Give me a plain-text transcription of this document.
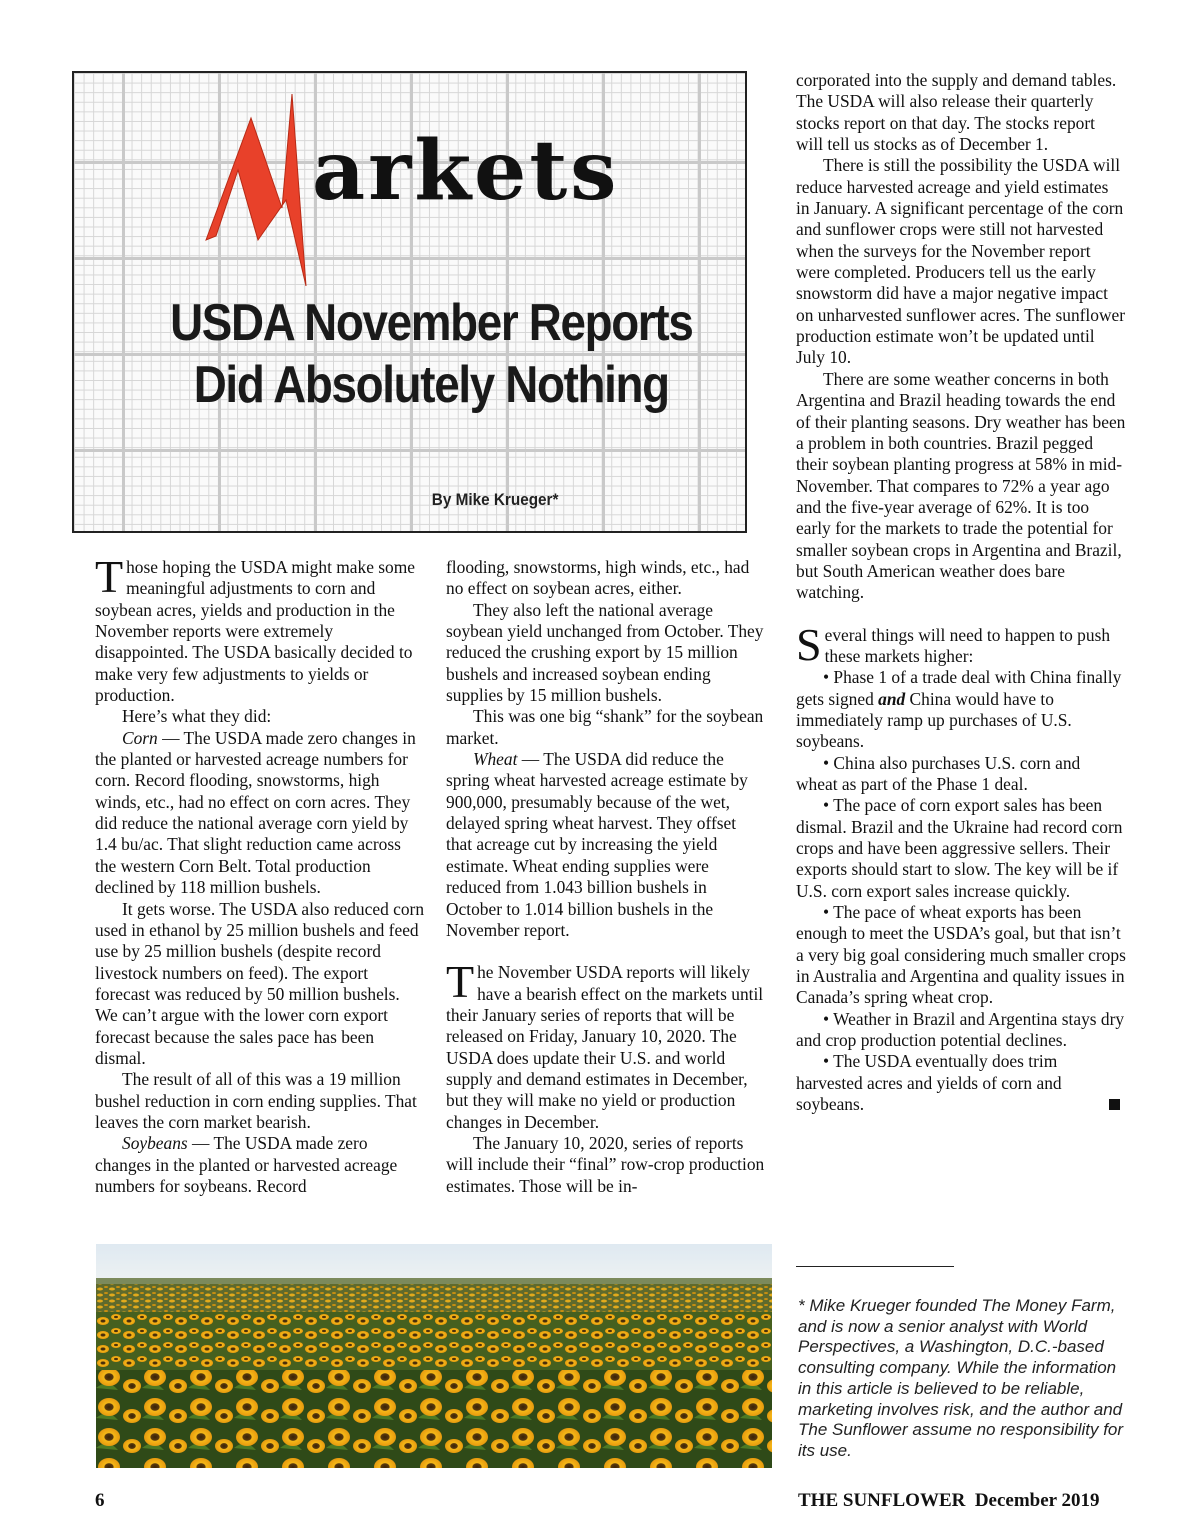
arkets
USDA November Reports
Did Absolutely Nothing
By Mike Krueger*

Those hoping the USDA might make some meaningful adjustments to corn and soybean acres, yields and production in the November reports were extremely disappointed. The USDA basically decided to make very few adjustments to yields or production.

Here’s what they did:

Corn — The USDA made zero changes in the planted or harvested acreage numbers for corn. Record flooding, snowstorms, high winds, etc., had no effect on corn acres. They did reduce the national average corn yield by 1.4 bu/ac. That slight reduction came across the western Corn Belt. Total production declined by 118 million bushels.

It gets worse. The USDA also reduced corn used in ethanol by 25 million bushels and feed use by 25 million bushels (despite record livestock numbers on feed). The export forecast was reduced by 50 million bushels. We can’t argue with the lower corn export forecast because the sales pace has been dismal.

The result of all of this was a 19 million bushel reduction in corn ending supplies. That leaves the corn market bearish.

Soybeans — The USDA made zero changes in the planted or harvested acreage numbers for soybeans. Record

flooding, snowstorms, high winds, etc., had no effect on soybean acres, either.

They also left the national average soybean yield unchanged from October. They reduced the crushing export by 15 million bushels and increased soybean ending supplies by 15 million bushels.

This was one big “shank” for the soybean market.

Wheat — The USDA did reduce the spring wheat harvested acreage estimate by 900,000, presumably because of the wet, delayed spring wheat harvest. They offset that acreage cut by increasing the yield estimate. Wheat ending supplies were reduced from 1.043 billion bushels in October to 1.014 billion bushels in the November report.

The November USDA reports will likely have a bearish effect on the markets until their January series of reports that will be released on Friday, January 10, 2020. The USDA does update their U.S. and world supply and demand estimates in December, but they will make no yield or production changes in December.

The January 10, 2020, series of reports will include their “final” row-crop production estimates. Those will be in-

corporated into the supply and demand tables. The USDA will also release their quarterly stocks report on that day. The stocks report will tell us stocks as of December 1.

There is still the possibility the USDA will reduce harvested acreage and yield estimates in January. A significant percentage of the corn and sunflower crops were still not harvested when the surveys for the November report were completed. Producers tell us the early snowstorm did have a major negative impact on unharvested sunflower acres. The sunflower production estimate won’t be updated until July 10.

There are some weather concerns in both Argentina and Brazil heading towards the end of their planting seasons. Dry weather has been a problem in both countries. Brazil pegged their soybean planting progress at 58% in mid-November. That compares to 72% a year ago and the five-year average of 62%. It is too early for the markets to trade the potential for smaller soybean crops in Argentina and Brazil, but South American weather does bare watching.

Several things will need to happen to push these markets higher:

• Phase 1 of a trade deal with China finally gets signed and China would have to immediately ramp up purchases of U.S. soybeans.

• China also purchases U.S. corn and wheat as part of the Phase 1 deal.

• The pace of corn export sales has been dismal. Brazil and the Ukraine had record corn crops and have been aggressive sellers. Their exports should start to slow. The key will be if U.S. corn export sales increase quickly.

• The pace of wheat exports has been enough to meet the USDA’s goal, but that isn’t a very big goal considering much smaller crops in Australia and Argentina and quality issues in Canada’s spring wheat crop.

• Weather in Brazil and Argentina stays dry and crop production potential declines.

• The USDA eventually does trim harvested acres and yields of corn and soybeans.

* Mike Krueger founded The Money Farm, and is now a senior analyst with World Perspectives, a Washington, D.C.-based consulting company. While the information in this article is believed to be reliable, marketing involves risk, and the author and The Sunflower assume no responsibility for its use.
6	THE SUNFLOWER  December 2019
